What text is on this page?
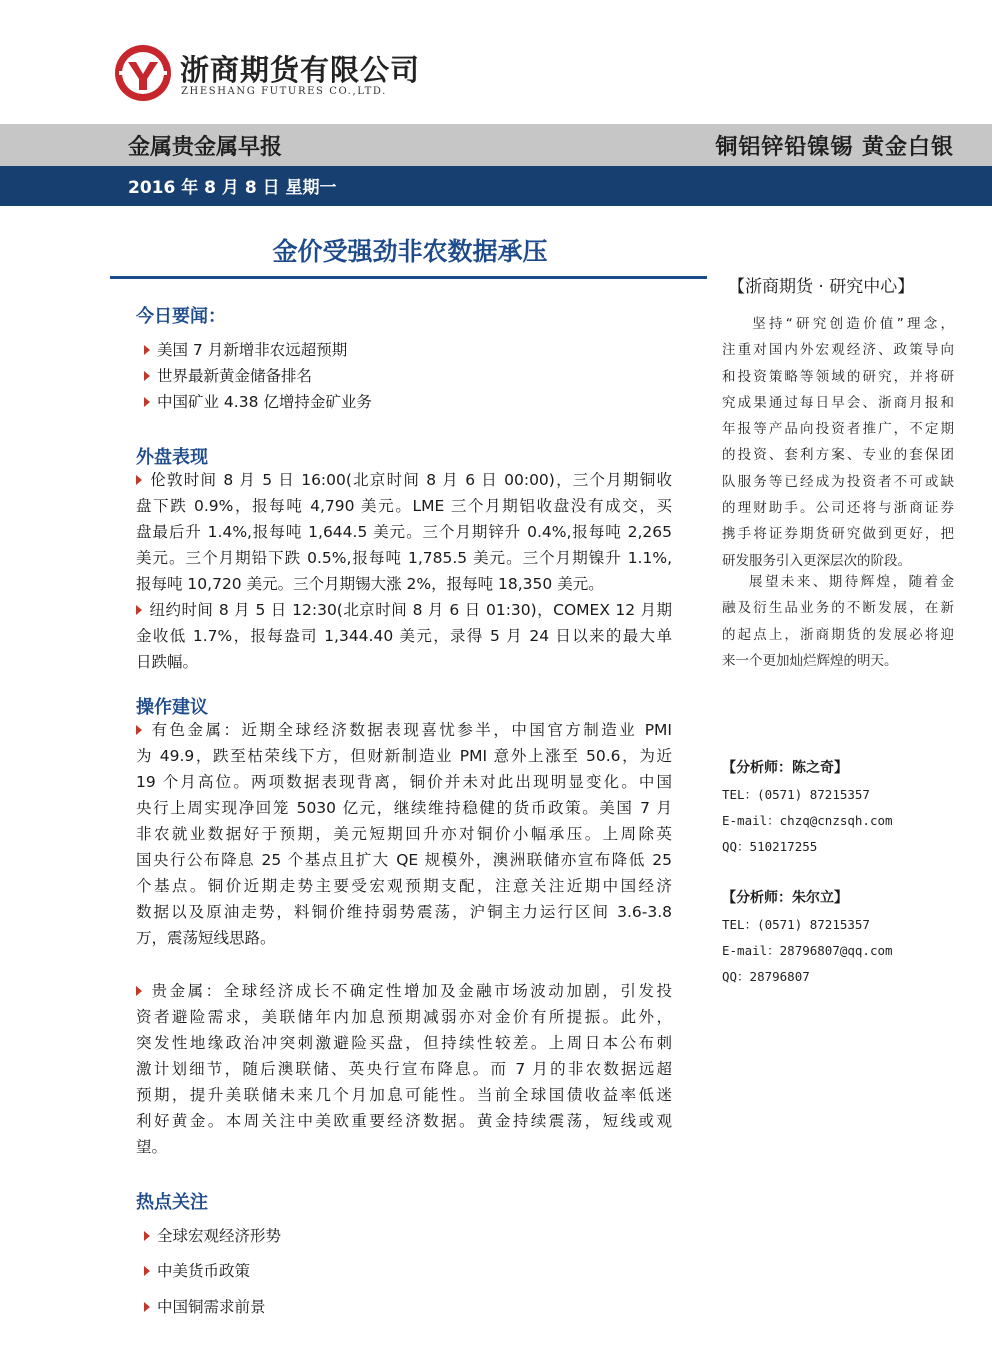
浙商期货有限公司
ZHESHANG FUTURES CO.,LTD.
金属贵金属早报	铜铝锌铅镍锡 黄金白银
2016 年 8 月 8 日 星期一
金价受强劲非农数据承压
今日要闻：
美国 7 月新增非农远超预期
世界最新黄金储备排名
中国矿业 4.38 亿增持金矿业务
外盘表现
伦敦时间 8 月 5 日 16:00(北京时间 8 月 6 日 00:00)，三个月期铜收
盘下跌 0.9%，报每吨 4,790 美元。LME 三个月期铝收盘没有成交，买
盘最后升 1.4%,报每吨 1,644.5 美元。三个月期锌升 0.4%,报每吨 2,265
美元。三个月期铅下跌 0.5%,报每吨 1,785.5 美元。三个月期镍升 1.1%,
报每吨 10,720 美元。三个月期锡大涨 2%，报每吨 18,350 美元。
纽约时间 8 月 5 日 12:30(北京时间 8 月 6 日 01:30)，COMEX 12 月期
金收低 1.7%，报每盎司 1,344.40 美元，录得 5 月 24 日以来的最大单
日跌幅。
操作建议
有色金属：近期全球经济数据表现喜忧参半，中国官方制造业 PMI
为 49.9，跌至枯荣线下方，但财新制造业 PMI 意外上涨至 50.6，为近
19 个月高位。两项数据表现背离，铜价并未对此出现明显变化。中国
央行上周实现净回笼 5030 亿元，继续维持稳健的货币政策。美国 7 月
非农就业数据好于预期，美元短期回升亦对铜价小幅承压。上周除英
国央行公布降息 25 个基点且扩大 QE 规模外，澳洲联储亦宣布降低 25
个基点。铜价近期走势主要受宏观预期支配，注意关注近期中国经济
数据以及原油走势，料铜价维持弱势震荡，沪铜主力运行区间 3.6-3.8
万，震荡短线思路。
贵金属：全球经济成长不确定性增加及金融市场波动加剧，引发投
资者避险需求，美联储年内加息预期减弱亦对金价有所提振。此外，
突发性地缘政治冲突刺激避险买盘，但持续性较差。上周日本公布刺
激计划细节，随后澳联储、英央行宣布降息。而 7 月的非农数据远超
预期，提升美联储未来几个月加息可能性。当前全球国债收益率低迷
利好黄金。本周关注中美欧重要经济数据。黄金持续震荡，短线或观
望。
热点关注
全球宏观经济形势
中美货币政策
中国铜需求前景
【浙商期货 · 研究中心】
坚持“研究创造价值”理念，
注重对国内外宏观经济、政策导向
和投资策略等领域的研究，并将研
究成果通过每日早会、浙商月报和
年报等产品向投资者推广，不定期
的投资、套利方案、专业的套保团
队服务等已经成为投资者不可或缺
的理财助手。公司还将与浙商证券
携手将证券期货研究做到更好，把
研发服务引入更深层次的阶段。
展望未来、期待辉煌，随着金
融及衍生品业务的不断发展，在新
的起点上，浙商期货的发展必将迎
来一个更加灿烂辉煌的明天。
【分析师：陈之奇】
TEL：(0571) 87215357
E-mail：chzq@cnzsqh.com
QQ：510217255
【分析师：朱尔立】
TEL：(0571) 87215357
E-mail：28796807@qq.com
QQ：28796807
